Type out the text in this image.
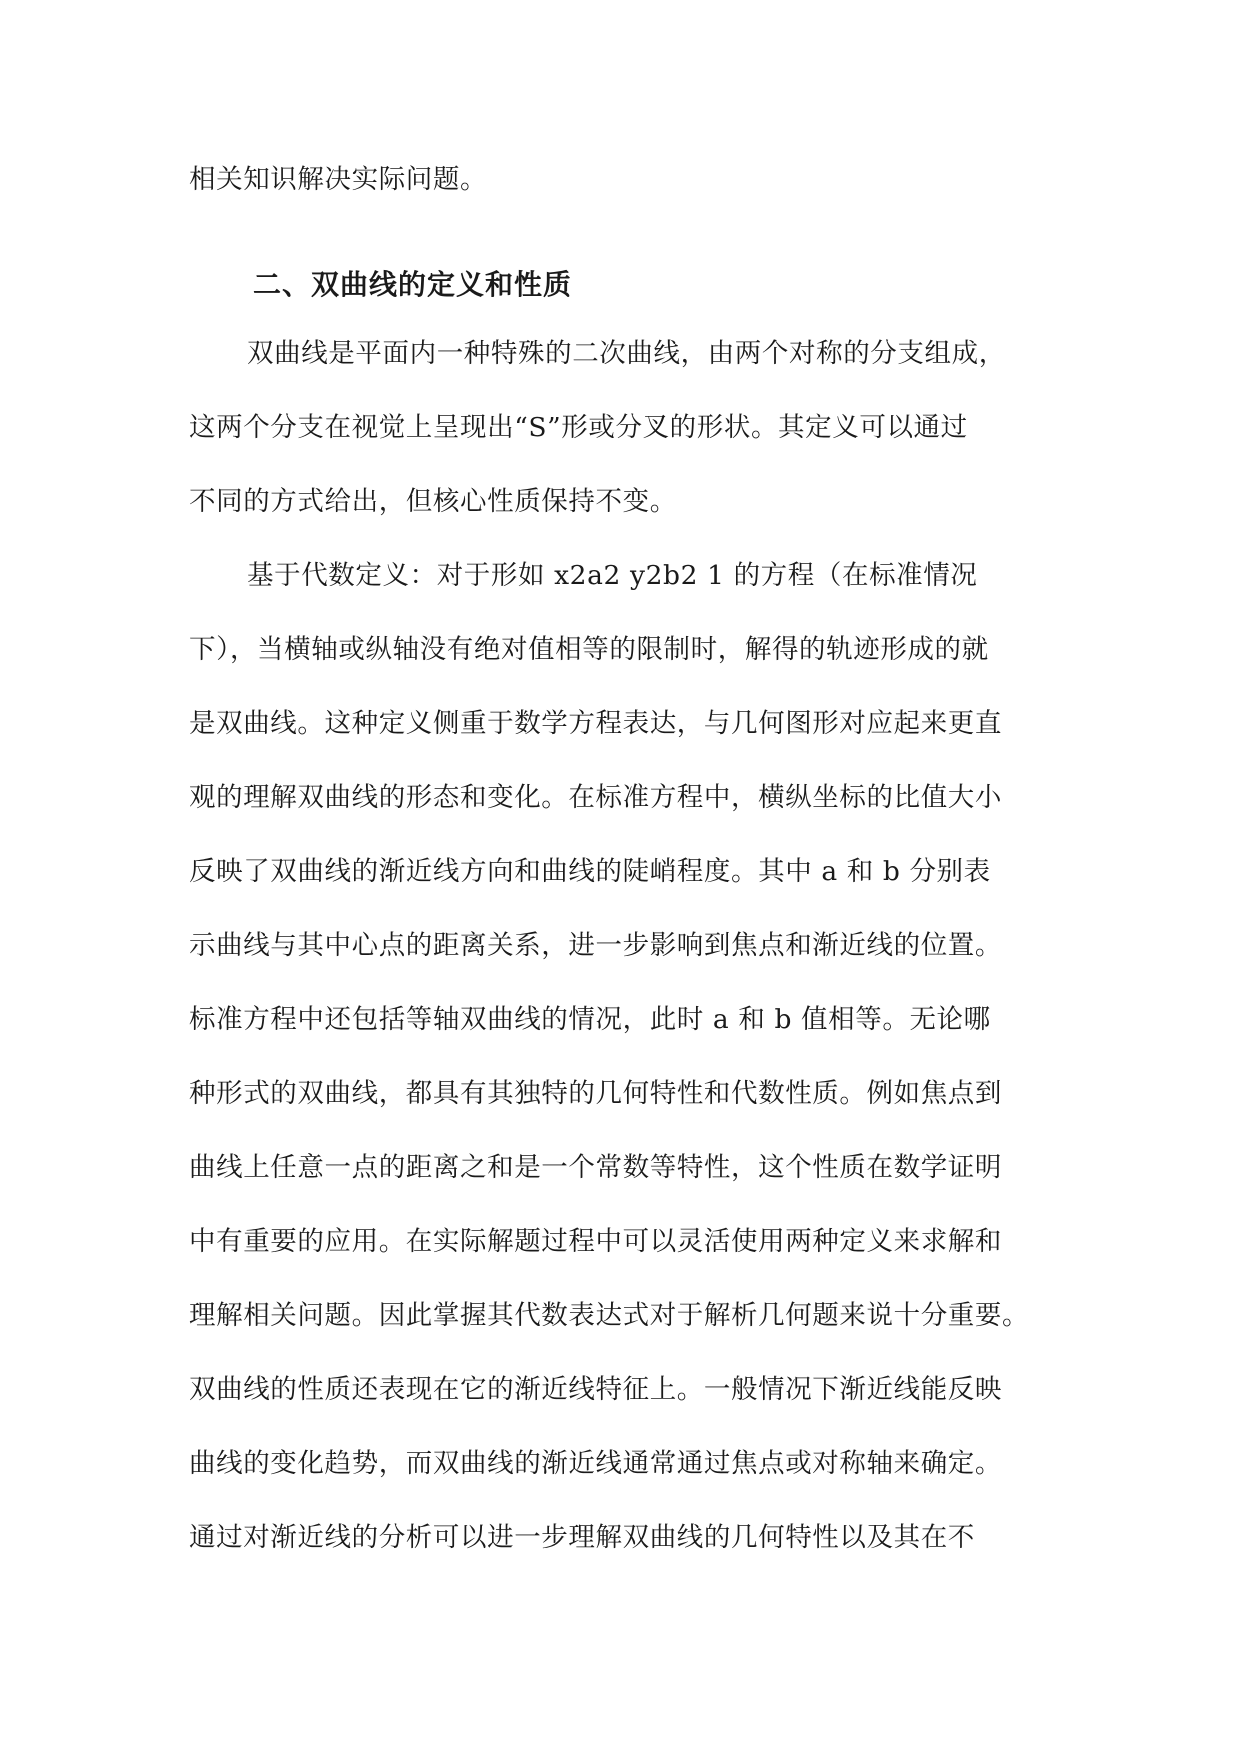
相关知识解决实际问题。
二、双曲线的定义和性质
双曲线是平面内一种特殊的二次曲线，由两个对称的分支组成，
这两个分支在视觉上呈现出“S”形或分叉的形状。其定义可以通过
不同的方式给出，但核心性质保持不变。
基于代数定义：对于形如 x2a2 y2b2 1 的方程（在标准情况
下），当横轴或纵轴没有绝对值相等的限制时，解得的轨迹形成的就
是双曲线。这种定义侧重于数学方程表达，与几何图形对应起来更直
观的理解双曲线的形态和变化。在标准方程中，横纵坐标的比值大小
反映了双曲线的渐近线方向和曲线的陡峭程度。其中 a 和 b 分别表
示曲线与其中心点的距离关系，进一步影响到焦点和渐近线的位置。
标准方程中还包括等轴双曲线的情况，此时 a 和 b 值相等。无论哪
种形式的双曲线，都具有其独特的几何特性和代数性质。例如焦点到
曲线上任意一点的距离之和是一个常数等特性，这个性质在数学证明
中有重要的应用。在实际解题过程中可以灵活使用两种定义来求解和
理解相关问题。因此掌握其代数表达式对于解析几何题来说十分重要。
双曲线的性质还表现在它的渐近线特征上。一般情况下渐近线能反映
曲线的变化趋势，而双曲线的渐近线通常通过焦点或对称轴来确定。
通过对渐近线的分析可以进一步理解双曲线的几何特性以及其在不
